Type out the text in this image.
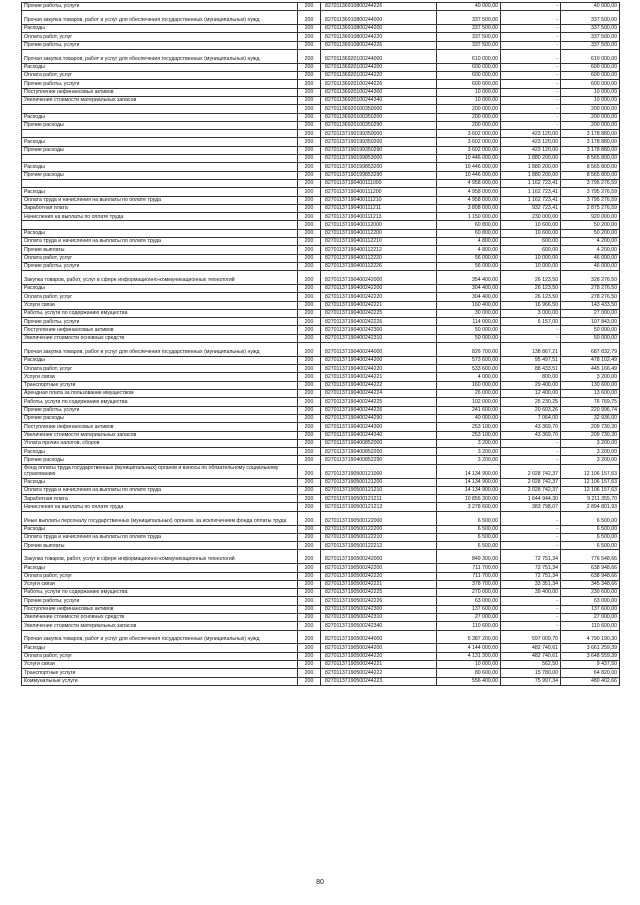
Прочие работы, услуги	200	82701136910800244226	40 000,00	-	40 000,00
Прочая закупка товаров, работ и услуг для обеспечения государственных (муниципальных) нужд	200	82701136910800244000	337 500,00	-	337 500,00
Расходы	200	82701136910800244200	337 500,00	-	337 500,00
Оплата работ, услуг	200	82701136910800244220	337 500,00	-	337 500,00
Прочие работы, услуги	200	82701136910800244226	337 500,00	-	337 500,00
Прочая закупка товаров, работ и услуг для обеспечения государственных (муниципальных) нужд	200	82701136920100244000	610 000,00	-	610 000,00
Расходы	200	82701136920100244200	600 000,00	-	600 000,00
Оплата работ, услуг	200	82701136920100244220	600 000,00	-	600 000,00
Прочие работы, услуги	200	82701136920100244226	600 000,00	-	600 000,00
Поступление нефинансовых активов	200	82701136920100244300	10 000,00	-	10 000,00
Увеличение стоимости материальных запасов	200	82701136920100244340	10 000,00	-	10 000,00
	200	82701136920100350000	200 000,00	-	200 000,00
Расходы	200	82701136920100350200	200 000,00	-	200 000,00
Прочие расходы	200	82701136920100350290	200 000,00	-	200 000,00
	200	82701137190199350000	3 602 000,00	423 120,00	3 178 880,00
Расходы	200	82701137190199350200	3 602 000,00	423 120,00	3 178 880,00
Прочие расходы	200	82701137190199350290	3 602 000,00	423 120,00	3 178 880,00
	200	82701137190199853000	10 446 000,00	1 880 200,00	8 565 800,00
Расходы	200	82701137190199853200	10 446 000,00	1 880 200,00	8 565 800,00
Прочие расходы	200	82701137190199853290	10 446 000,00	1 880 200,00	8 565 800,00
	200	82701137190400111000	4 958 000,00	1 162 723,41	3 795 276,59
Расходы	200	82701137190400111200	4 958 000,00	1 162 723,41	3 795 276,59
Оплата труда и начисления на выплаты по оплате труда	200	82701137190400111210	4 958 000,00	1 162 723,41	3 795 276,59
Заработная плата	200	82701137190400111211	3 808 000,00	932 723,41	2 875 276,59
Начисления на выплаты по оплате труда	200	82701137190400111213	1 150 000,00	230 000,00	920 000,00
	200	82701137190400112000	60 800,00	10 600,00	50 200,00
Расходы	200	82701137190400112200	60 800,00	10 600,00	50 200,00
Оплата труда и начисления на выплаты по оплате труда	200	82701137190400112210	4 800,00	600,00	4 200,00
Прочие выплаты	200	82701137190400112212	4 800,00	600,00	4 200,00
Оплата работ, услуг	200	82701137190400112220	56 000,00	10 000,00	46 000,00
Прочие работы, услуги	200	82701137190400112226	56 000,00	10 000,00	46 000,00
Закупка товаров, работ, услуг в сфере информационно-коммуникационных технологий	200	82701137190400242000	354 400,00	26 123,50	328 276,50
Расходы	200	82701137190400242200	304 400,00	26 123,50	278 276,50
Оплата работ, услуг	200	82701137190400242220	304 400,00	26 123,50	278 276,50
Услуги связи	200	82701137190400242221	160 400,00	16 966,50	143 433,50
Работы, услуги по содержанию имущества	200	82701137190400242225	30 000,00	3 000,00	27 000,00
Прочие работы, услуги	200	82701137190400242226	114 000,00	6 157,00	107 843,00
Поступление нефинансовых активов	200	82701137190400242300	50 000,00	-	50 000,00
Увеличение стоимости основных средств	200	82701137190400242310	50 000,00	-	50 000,00
Прочая закупка товаров, работ и услуг для обеспечения государственных (муниципальных) нужд	200	82701137190400244000	826 700,00	138 867,21	687 832,79
Расходы	200	82701137190400244200	573 600,00	95 497,51	478 102,49
Оплата работ, услуг	200	82701137190400244220	533 600,00	88 433,51	445 166,49
Услуги связи	200	82701137190400244221	4 000,00	800,00	3 200,00
Транспортные услуги	200	82701137190400244222	160 000,00	29 400,00	130 600,00
Арендная плата за пользование имуществом	200	82701137190400244224	26 000,00	12 400,00	13 600,00
Работы, услуги по содержанию имущества	200	82701137190400244225	102 000,00	25 230,25	76 769,75
Прочие работы, услуги	200	82701137190400244226	241 600,00	20 603,26	220 996,74
Прочие расходы	200	82701137190400244290	40 000,00	7 064,00	32 936,00
Поступление нефинансовых активов	200	82701137190400244300	253 100,00	43 369,70	209 730,30
Увеличение стоимости материальных запасов	200	82701137190400244340	253 100,00	43 369,70	209 730,30
Уплата прочих налогов, сборов	200	82701137190400852000	3 200,00	-	3 200,00
Расходы	200	82701137190400852200	3 200,00	-	3 200,00
Прочие расходы	200	82701137190400852290	3 200,00	-	3 200,00
Фонд оплаты труда государственных (муниципальных) органов и взносы по обязательному социальному страхованию	200	82701137190500121000	14 134 900,00	2 028 742,37	12 106 157,63
Расходы	200	82701137190500121200	14 134 900,00	2 028 742,37	12 106 157,63
Оплата труда и начисления на выплаты по оплате труда	200	82701137190500121210	14 134 900,00	2 028 742,37	12 106 157,63
Заработная плата	200	82701137190500121211	10 856 300,00	1 644 944,30	9 211 355,70
Начисления на выплаты по оплате труда	200	82701137190500121213	3 278 600,00	383 798,07	2 894 801,93
Иные выплаты персоналу государственных (муниципальных) органов, за исключением фонда оплаты труда	200	82701137190500122000	6 500,00	-	6 500,00
Расходы	200	82701137190500122200	6 500,00	-	6 500,00
Оплата труда и начисления на выплаты по оплате труда	200	82701137190500122210	6 500,00	-	6 500,00
Прочие выплаты	200	82701137190500122212	6 500,00	-	6 500,00
Закупка товаров, работ, услуг в сфере информационно-коммуникационных технологий	200	82701137190500242000	849 300,00	72 751,34	776 548,66
Расходы	200	82701137190500242200	711 700,00	72 751,34	638 948,66
Оплата работ, услуг	200	82701137190500242220	711 700,00	72 751,34	638 948,66
Услуги связи	200	82701137190500242221	378 700,00	33 351,34	345 348,66
Работы, услуги по содержанию имущества	200	82701137190500242225	270 000,00	39 400,00	230 600,00
Прочие работы, услуги	200	82701137190500242226	63 000,00	-	63 000,00
Поступление нефинансовых активов	200	82701137190500242300	137 600,00	-	137 600,00
Увеличение стоимости основных средств	200	82701137190500242310	27 000,00	-	27 000,00
Увеличение стоимости материальных запасов	200	82701137190500242340	110 600,00	-	110 600,00
Прочая закупка товаров, работ и услуг для обеспечения государственных (муниципальных) нужд	200	82701137190500244000	5 387 200,00	597 009,70	4 790 190,30
Расходы	200	82701137190500244200	4 144 000,00	482 740,61	3 661 259,39
Оплата работ, услуг	200	82701137190500244220	4 131 300,00	482 740,61	3 648 559,39
Услуги связи	200	82701137190500244221	10 000,00	562,50	9 437,50
Транспортные услуги	200	82701137190500244222	80 600,00	15 780,00	64 820,00
Коммунальные услуги	200	82701137190500244223	556 400,00	75 997,34	480 402,66
80
